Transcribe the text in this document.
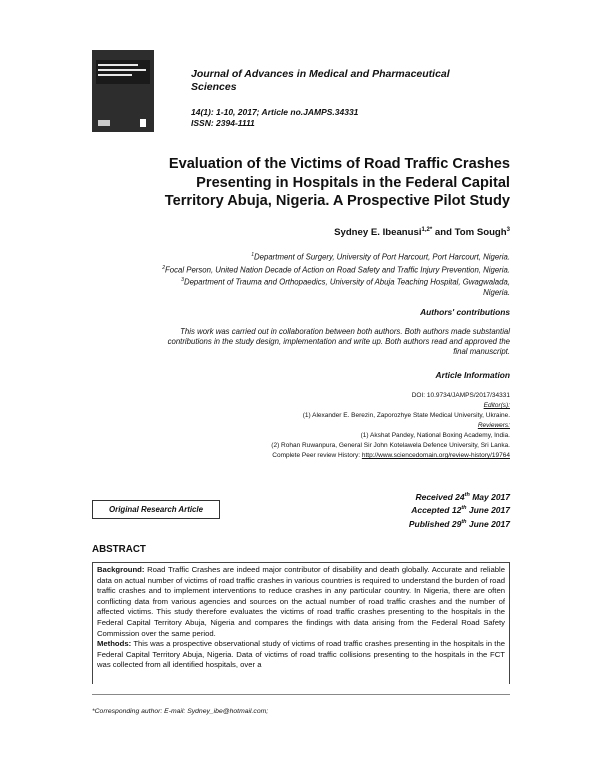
Journal of Advances in Medical and Pharmaceutical
Sciences
14(1): 1-10, 2017; Article no.JAMPS.34331
ISSN: 2394-1111
Evaluation of the Victims of Road Traffic Crashes
Presenting in Hospitals in the Federal Capital
Territory Abuja, Nigeria. A Prospective Pilot Study
Sydney E. Ibeanusi$^{1,2*}$ and Tom Sough$^3$
$^1$Department of Surgery, University of Port Harcourt, Port Harcourt, Nigeria.
$^2$Focal Person, United Nation Decade of Action on Road Safety and Traffic Injury Prevention, Nigeria.
$^3$Department of Trauma and Orthopaedics, University of Abuja Teaching Hospital, Gwagwalada,
Nigeria.
Authors' contributions
This work was carried out in collaboration between both authors. Both authors made substantial
contributions in the study design, implementation and write up. Both authors read and approved the
final manuscript.
Article Information
DOI: 10.9734/JAMPS/2017/34331
Editor(s):
(1) Alexander E. Berezin, Zaporozhye State Medical University, Ukraine.
Reviewers:
(1) Akshat Pandey, National Boxing Academy, India.
(2) Rohan Ruwanpura, General Sir John Kotelawela Defence University, Sri Lanka.
Complete Peer review History: http://www.sciencedomain.org/review-history/19764
Original Research Article
Received 24th May 2017
Accepted 12th June 2017
Published 29th June 2017
ABSTRACT
Background: Road Traffic Crashes are indeed major contributor of disability and death globally. Accurate and reliable data on actual number of victims of road traffic crashes in various countries is required to understand the burden of road traffic crashes and to implement interventions to reduce crashes in any particular country. In Nigeria, there are often conflicting data from various agencies and sources on the actual number of road traffic crashes and the number of affected victims. This study therefore evaluates the victims of road traffic crashes presenting to the hospitals in the Federal Capital Territory Abuja, Nigeria and compares the findings with data arising from the Federal Road Safety Commission over the same period.
Methods: This was a prospective observational study of victims of road traffic crashes presenting in the hospitals in the Federal Capital Territory Abuja, Nigeria. Data of victims of road traffic collisions presenting to the hospitals in the FCT was collected from all identified hospitals, over a
*Corresponding author: E-mail: Sydney_ibe@hotmail.com;
